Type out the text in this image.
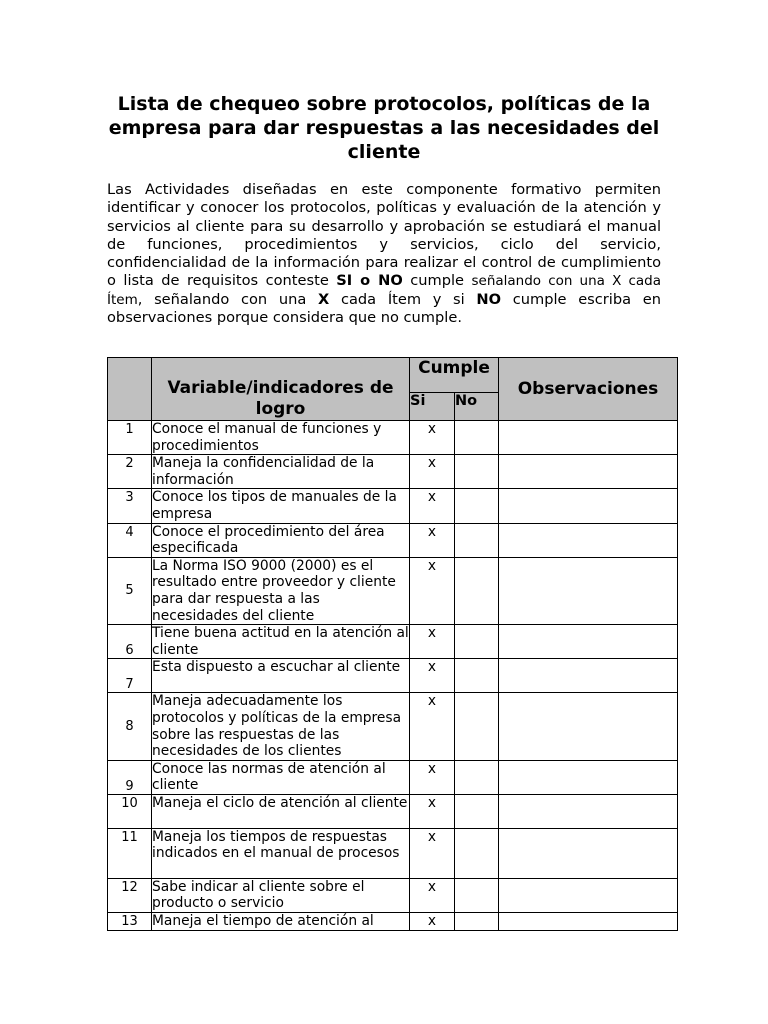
Lista de chequeo sobre protocolos, políticas de la empresa para dar respuestas a las necesidades del cliente

Las Actividades diseñadas en este componente formativo permiten identificar y conocer los protocolos, políticas y evaluación de la atención y servicios al cliente para su desarrollo y aprobación se estudiará el manual de funciones, procedimientos y servicios, ciclo del servicio, confidencialidad de la información para realizar el control de cumplimiento o lista de requisitos conteste SI o NO cumple señalando con una X cada Ítem, señalando con una X cada Ítem y si NO cumple escriba en observaciones porque considera que no cumple.

	Variable/indicadores de logro	Cumple		Observaciones
		Si	No	
1	Conoce el manual de funciones y procedimientos	x		
2	Maneja la confidencialidad de la información	x		
3	Conoce los tipos de manuales de la empresa	x		
4	Conoce el procedimiento del área especificada	x		
5	La Norma ISO 9000 (2000) es el resultado entre proveedor y cliente para dar respuesta a las necesidades del cliente	x		
6	Tiene buena actitud en la atención al cliente	x		
7	Esta dispuesto a escuchar al cliente	x		
8	Maneja adecuadamente los protocolos y políticas de la empresa sobre las respuestas de las necesidades de los clientes	x		
9	Conoce las normas de atención al cliente	x		
10	Maneja el ciclo de atención al cliente	x		
11	Maneja los tiempos de respuestas indicados en el manual de procesos	x		
12	Sabe indicar al cliente sobre el producto o servicio	x		
13	Maneja el tiempo de atención al	x		
